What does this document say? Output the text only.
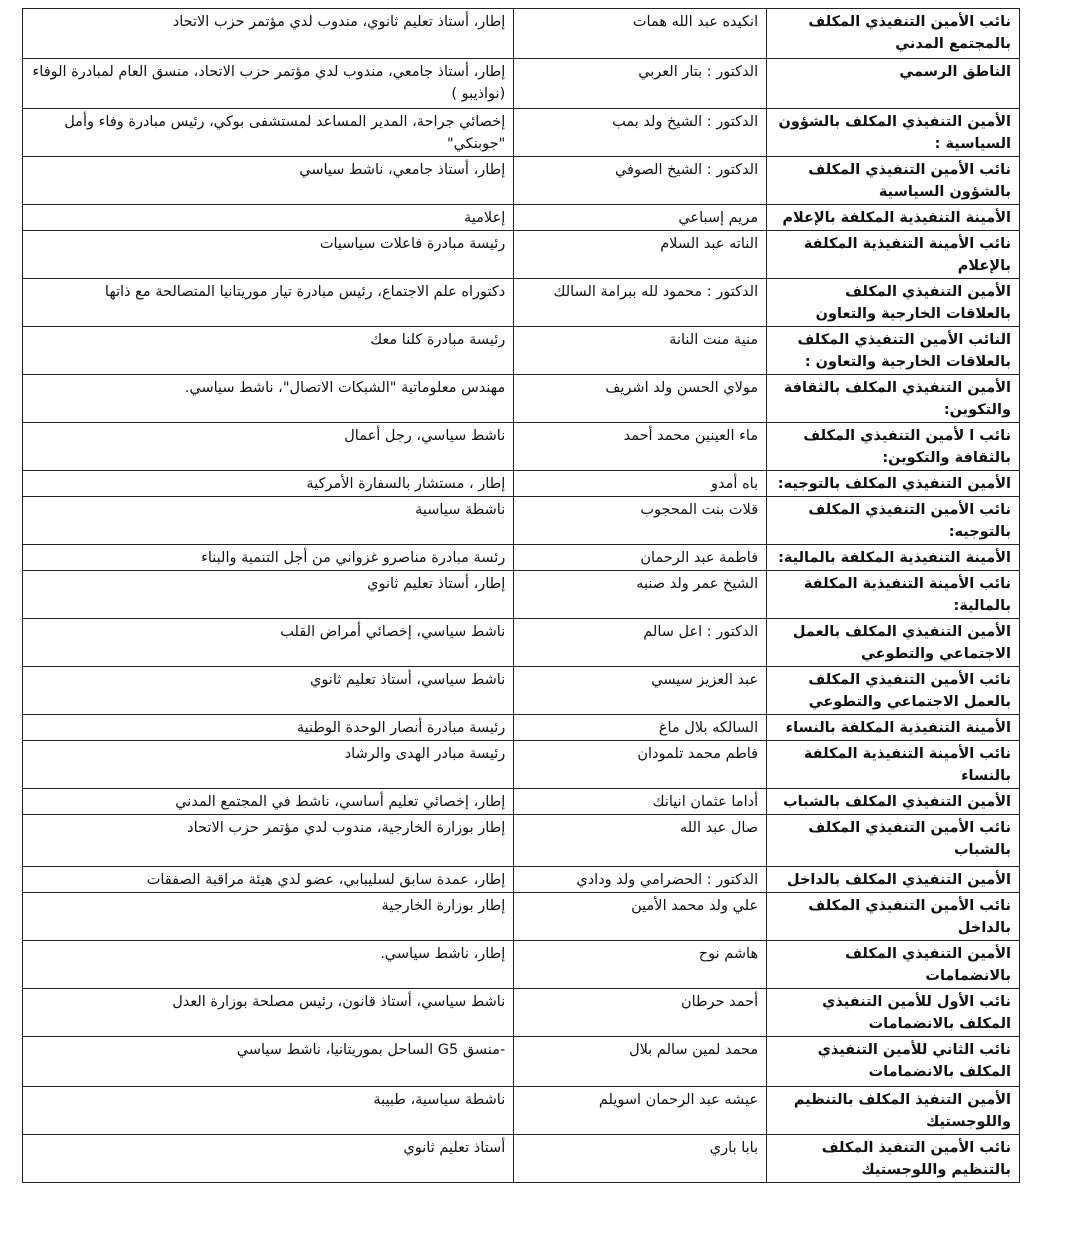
نائب الأمين التنفيذي المكلف بالمجتمع المدني	انكيده عبد الله همات	إطار، أستاذ تعليم ثانوي، مندوب لدي مؤتمر حزب الاتحاد
الناطق الرسمي	الدكتور : بتار العربي	إطار، أستاذ جامعي، مندوب لدي مؤتمر حزب الاتحاد، منسق العام لمبادرة الوفاء (نواذيبو )
الأمين التنفيذي المكلف بالشؤون السياسية :	الدكتور : الشيخ ولد بمب	إخصائي جراحة، المدير المساعد لمستشفى بوكي، رئيس مبادرة وفاء وأمل "جوبنكي"
نائب الأمين التنفيذي المكلف بالشؤون السياسية	الدكتور : الشيخ الصوفي	إطار، أستاذ جامعي، ناشط سياسي
الأمينة التنفيذية المكلفة بالإعلام	مريم إسباعي	إعلامية
نائب الأمينة التنفيذية المكلفة بالإعلام	الناته عبد السلام	رئيسة مبادرة فاعلات سياسيات
الأمين التنفيذي المكلف بالعلاقات الخارجية والتعاون	الدكتور : محمود لله ببرامة السالك	دكتوراه علم الاجتماع، رئيس مبادرة تيار موريتانيا المتصالحة مع ذاتها
النائب الأمين التنفيذي المكلف بالعلاقات الخارجية والتعاون :	منية منت النانة	رئيسة مبادرة كلنا معك
الأمين التنفيذي المكلف بالثقافة والتكوين:	مولاي الحسن ولد اشريف	مهندس معلوماتية "الشبكات الاتصال"، ناشط سياسي.
نائب ا لأمين التنفيذي المكلف بالثقافة والتكوين:	ماء العينين محمد أحمد	ناشط سياسي، رجل أعمال
الأمين التنفيذي المكلف بالتوجيه:	باه أمدو	إطار ، مستشار بالسفارة الأمركية
نائب الأمين التنفيذي المكلف بالتوجيه:	قلات بنت المحجوب	ناشطة سياسية
الأمينة التنفيذية المكلفة بالمالية:	فاطمة عبد الرحمان	رئسة مبادرة مناصرو غزواني من أجل التنمية والبناء
نائب الأمينة التنفيذية المكلفة بالمالية:	الشيخ عمر ولد صنبه	إطار، أستاذ تعليم ثانوي
الأمين التنفيذي المكلف بالعمل الاجتماعي والتطوعي	الدكتور : اعل سالم	ناشط سياسي، إخصائي أمراض القلب
نائب الأمين التنفيذي المكلف بالعمل الاجتماعي والتطوعي	عبد العزيز سيسي	ناشط سياسي، أستاذ تعليم ثانوي
الأمينة التنفيذية المكلفة بالنساء	السالكه بلال ماغ	رئيسة مبادرة أنصار الوحدة الوطنية
نائب الأمينة التنفيذية المكلفة بالنساء	فاطم محمد تلمودان	رئيسة مبادر الهدى والرشاد
الأمين التنفيذي المكلف بالشباب	أداما عثمان انيانك	إطار، إخصائي تعليم أساسي، ناشط في المجتمع المدني
نائب الأمين التنفيذي المكلف بالشباب	صال عبد الله	إطار بوزارة الخارجية، مندوب لدي مؤتمر حزب الاتحاد
الأمين التنفيذي المكلف بالداخل	الدكتور : الحضرامي ولد ودادي	إطار، عمدة سابق لسليبابي، عضو لدي هيئة مراقبة الصفقات
نائب الأمين التنفيذي المكلف بالداخل	علي ولد محمد الأمين	إطار بوزارة الخارجية
الأمين التنفيذي المكلف بالانضمامات	هاشم نوح	إطار، ناشط سياسي.
نائب الأول للأمين التنفيذي المكلف بالانضمامات	أحمد حرطان	ناشط سياسي، أستاذ قانون، رئيس مصلحة بوزارة العدل
نائب الثاني للأمين التنفيذي المكلف بالانضمامات	محمد لمين سالم بلال	-منسق G5 الساحل بموريتانيا، ناشط سياسي
الأمين التنفيذ المكلف بالتنظيم واللوجستيك	عيشه عبد الرحمان اسويلم	ناشطة سياسية، طبيبة
نائب الأمين التنفيذ المكلف بالتنظيم واللوجستيك	بابا باري	أستاذ تعليم ثانوي
